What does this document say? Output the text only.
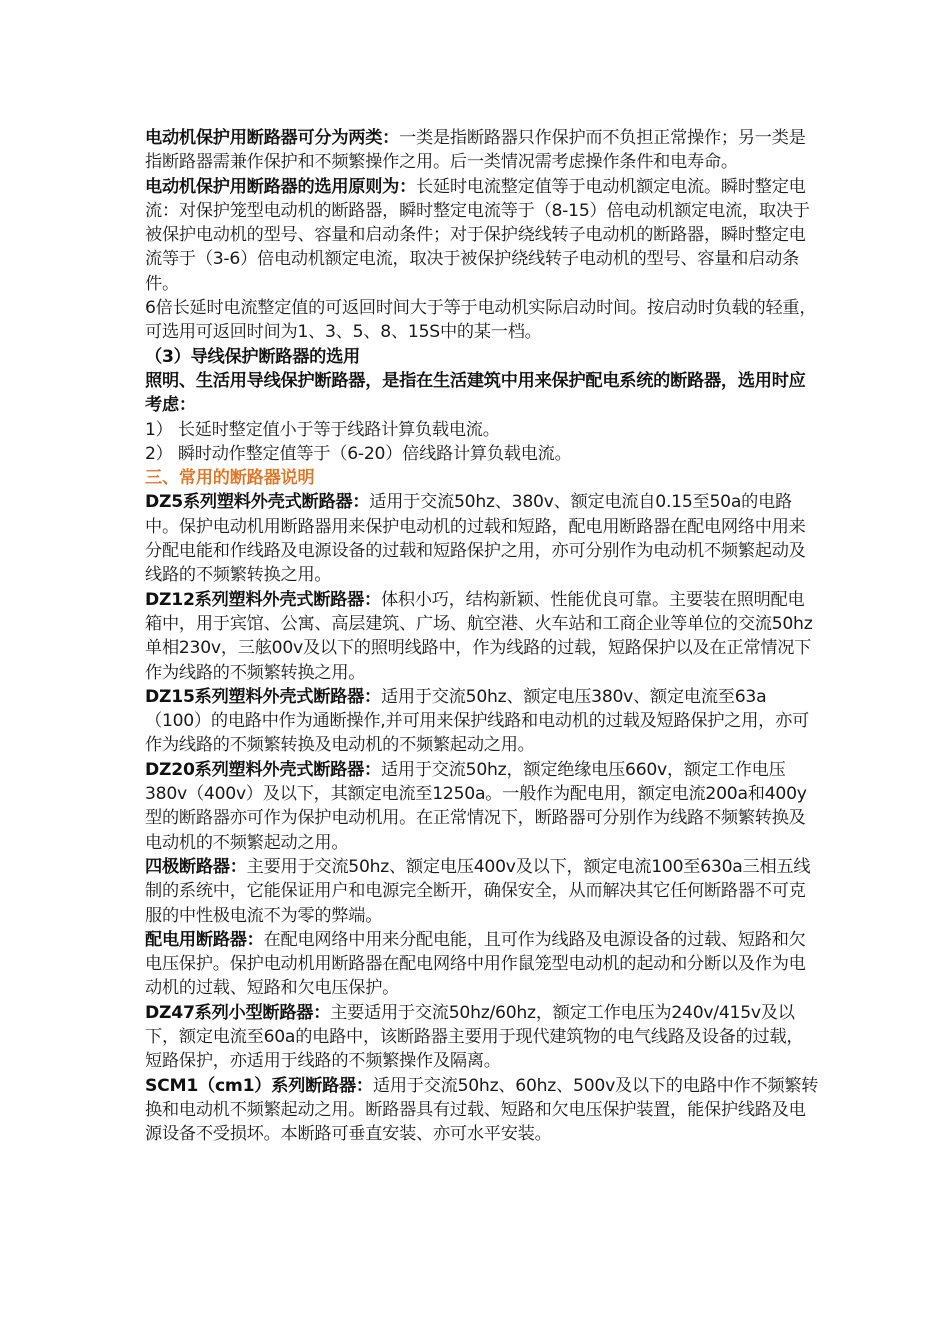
电动机保护用断路器可分为两类：一类是指断路器只作保护而不负担正常操作；另一类是指断路器需兼作保护和不频繁操作之用。后一类情况需考虑操作条件和电寿命。

电动机保护用断路器的选用原则为：长延时电流整定值等于电动机额定电流。瞬时整定电流：对保护笼型电动机的断路器，瞬时整定电流等于（8-15）倍电动机额定电流，取决于被保护电动机的型号、容量和启动条件；对于保护绕线转子电动机的断路器，瞬时整定电流等于（3-6）倍电动机额定电流，取决于被保护绕线转子电动机的型号、容量和启动条件。

6倍长延时电流整定值的可返回时间大于等于电动机实际启动时间。按启动时负载的轻重，可选用可返回时间为1、3、5、8、15S中的某一档。

（3）导线保护断路器的选用

照明、生活用导线保护断路器，是指在生活建筑中用来保护配电系统的断路器，选用时应考虑：

1） 长延时整定值小于等于线路计算负载电流。

2） 瞬时动作整定值等于（6-20）倍线路计算负载电流。

三、常用的断路器说明

DZ5系列塑料外壳式断路器：适用于交流50hz、380v、额定电流自0.15至50a的电路中。保护电动机用断路器用来保护电动机的过载和短路，配电用断路器在配电网络中用来分配电能和作线路及电源设备的过载和短路保护之用，亦可分别作为电动机不频繁起动及线路的不频繁转换之用。

DZ12系列塑料外壳式断路器：体积小巧，结构新颖、性能优良可靠。主要装在照明配电箱中，用于宾馆、公寓、高层建筑、广场、航空港、火车站和工商企业等单位的交流50hz单相230v，三舷00v及以下的照明线路中，作为线路的过载，短路保护以及在正常情况下作为线路的不频繁转换之用。

DZ15系列塑料外壳式断路器：适用于交流50hz、额定电压380v、额定电流至63a（100）的电路中作为通断操作,并可用来保护线路和电动机的过载及短路保护之用，亦可作为线路的不频繁转换及电动机的不频繁起动之用。

DZ20系列塑料外壳式断路器：适用于交流50hz，额定绝缘电压660v，额定工作电压380v（400v）及以下，其额定电流至1250a。一般作为配电用，额定电流200a和400y型的断路器亦可作为保护电动机用。在正常情况下，断路器可分别作为线路不频繁转换及电动机的不频繁起动之用。

四极断路器：主要用于交流50hz、额定电压400v及以下，额定电流100至630a三相五线制的系统中，它能保证用户和电源完全断开，确保安全，从而解决其它任何断路器不可克服的中性极电流不为零的弊端。

配电用断路器：在配电网络中用来分配电能，且可作为线路及电源设备的过载、短路和欠电压保护。保护电动机用断路器在配电网络中用作鼠笼型电动机的起动和分断以及作为电动机的过载、短路和欠电压保护。

DZ47系列小型断路器：主要适用于交流50hz/60hz，额定工作电压为240v/415v及以下，额定电流至60a的电路中，该断路器主要用于现代建筑物的电气线路及设备的过载，短路保护，亦适用于线路的不频繁操作及隔离。

SCM1（cm1）系列断路器：适用于交流50hz、60hz、500v及以下的电路中作不频繁转换和电动机不频繁起动之用。断路器具有过载、短路和欠电压保护装置，能保护线路及电源设备不受损坏。本断路可垂直安装、亦可水平安装。
